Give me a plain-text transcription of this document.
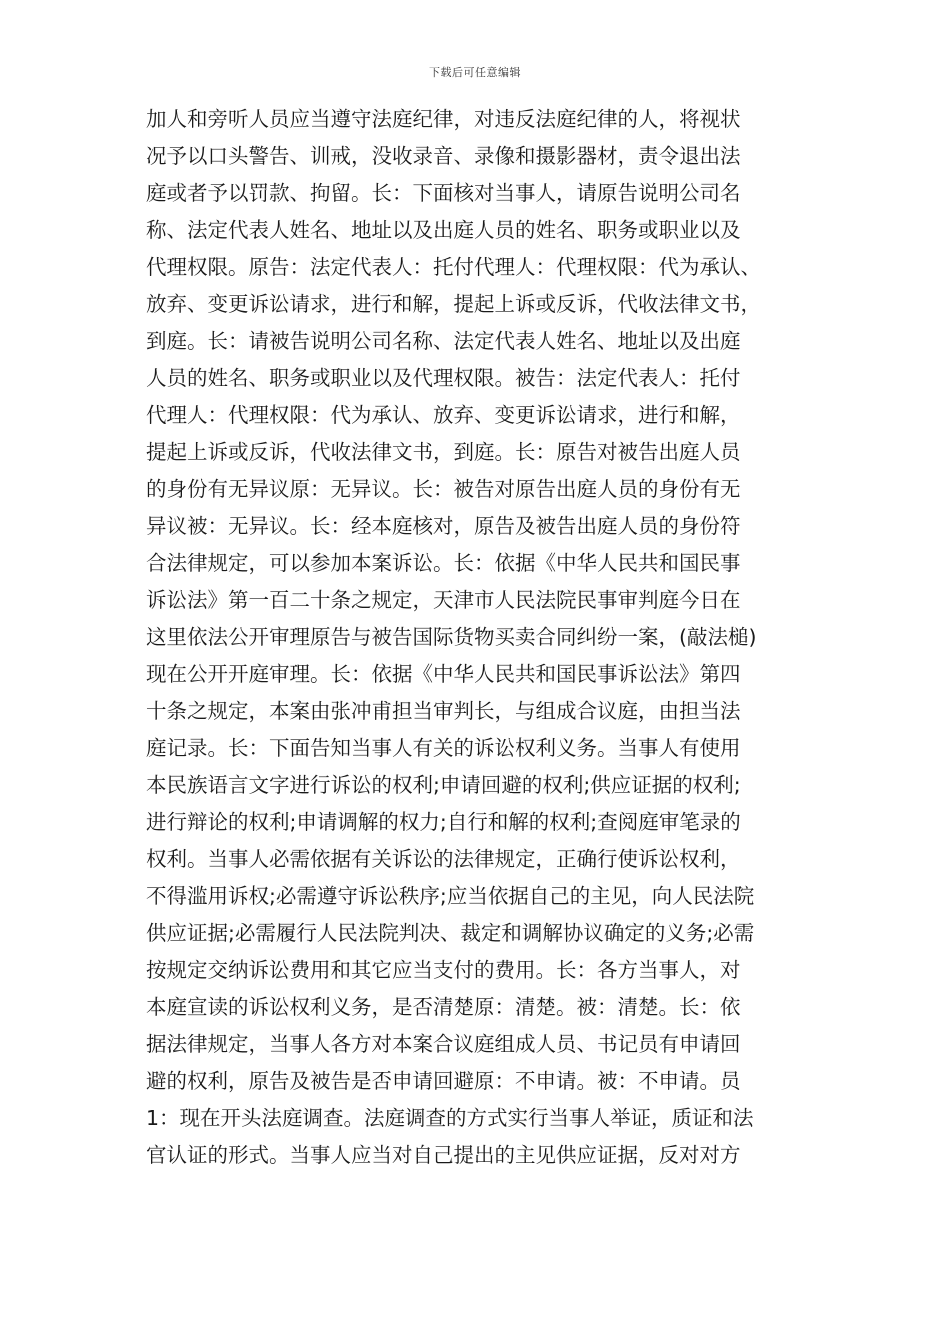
下载后可任意编辑
加人和旁听人员应当遵守法庭纪律，对违反法庭纪律的人，将视状
况予以口头警告、训戒，没收录音、录像和摄影器材，责令退出法
庭或者予以罚款、拘留。长：下面核对当事人，请原告说明公司名
称、法定代表人姓名、地址以及出庭人员的姓名、职务或职业以及
代理权限。原告：法定代表人：托付代理人：代理权限：代为承认、
放弃、变更诉讼请求，进行和解，提起上诉或反诉，代收法律文书，
到庭。长：请被告说明公司名称、法定代表人姓名、地址以及出庭
人员的姓名、职务或职业以及代理权限。被告：法定代表人：托付
代理人：代理权限：代为承认、放弃、变更诉讼请求，进行和解，
提起上诉或反诉，代收法律文书，到庭。长：原告对被告出庭人员
的身份有无异议原：无异议。长：被告对原告出庭人员的身份有无
异议被：无异议。长：经本庭核对，原告及被告出庭人员的身份符
合法律规定，可以参加本案诉讼。长：依据《中华人民共和国民事
诉讼法》第一百二十条之规定，天津市人民法院民事审判庭今日在
这里依法公开审理原告与被告国际货物买卖合同纠纷一案，(敲法槌)
现在公开开庭审理。长：依据《中华人民共和国民事诉讼法》第四
十条之规定，本案由张冲甫担当审判长，与组成合议庭，由担当法
庭记录。长：下面告知当事人有关的诉讼权利义务。当事人有使用
本民族语言文字进行诉讼的权利;申请回避的权利;供应证据的权利;
进行辩论的权利;申请调解的权力;自行和解的权利;查阅庭审笔录的
权利。当事人必需依据有关诉讼的法律规定，正确行使诉讼权利，
不得滥用诉权;必需遵守诉讼秩序;应当依据自己的主见，向人民法院
供应证据;必需履行人民法院判决、裁定和调解协议确定的义务;必需
按规定交纳诉讼费用和其它应当支付的费用。长：各方当事人，对
本庭宣读的诉讼权利义务，是否清楚原：清楚。被：清楚。长：依
据法律规定，当事人各方对本案合议庭组成人员、书记员有申请回
避的权利，原告及被告是否申请回避原：不申请。被：不申请。员
1：现在开头法庭调查。法庭调查的方式实行当事人举证，质证和法
官认证的形式。当事人应当对自己提出的主见供应证据，反对对方
